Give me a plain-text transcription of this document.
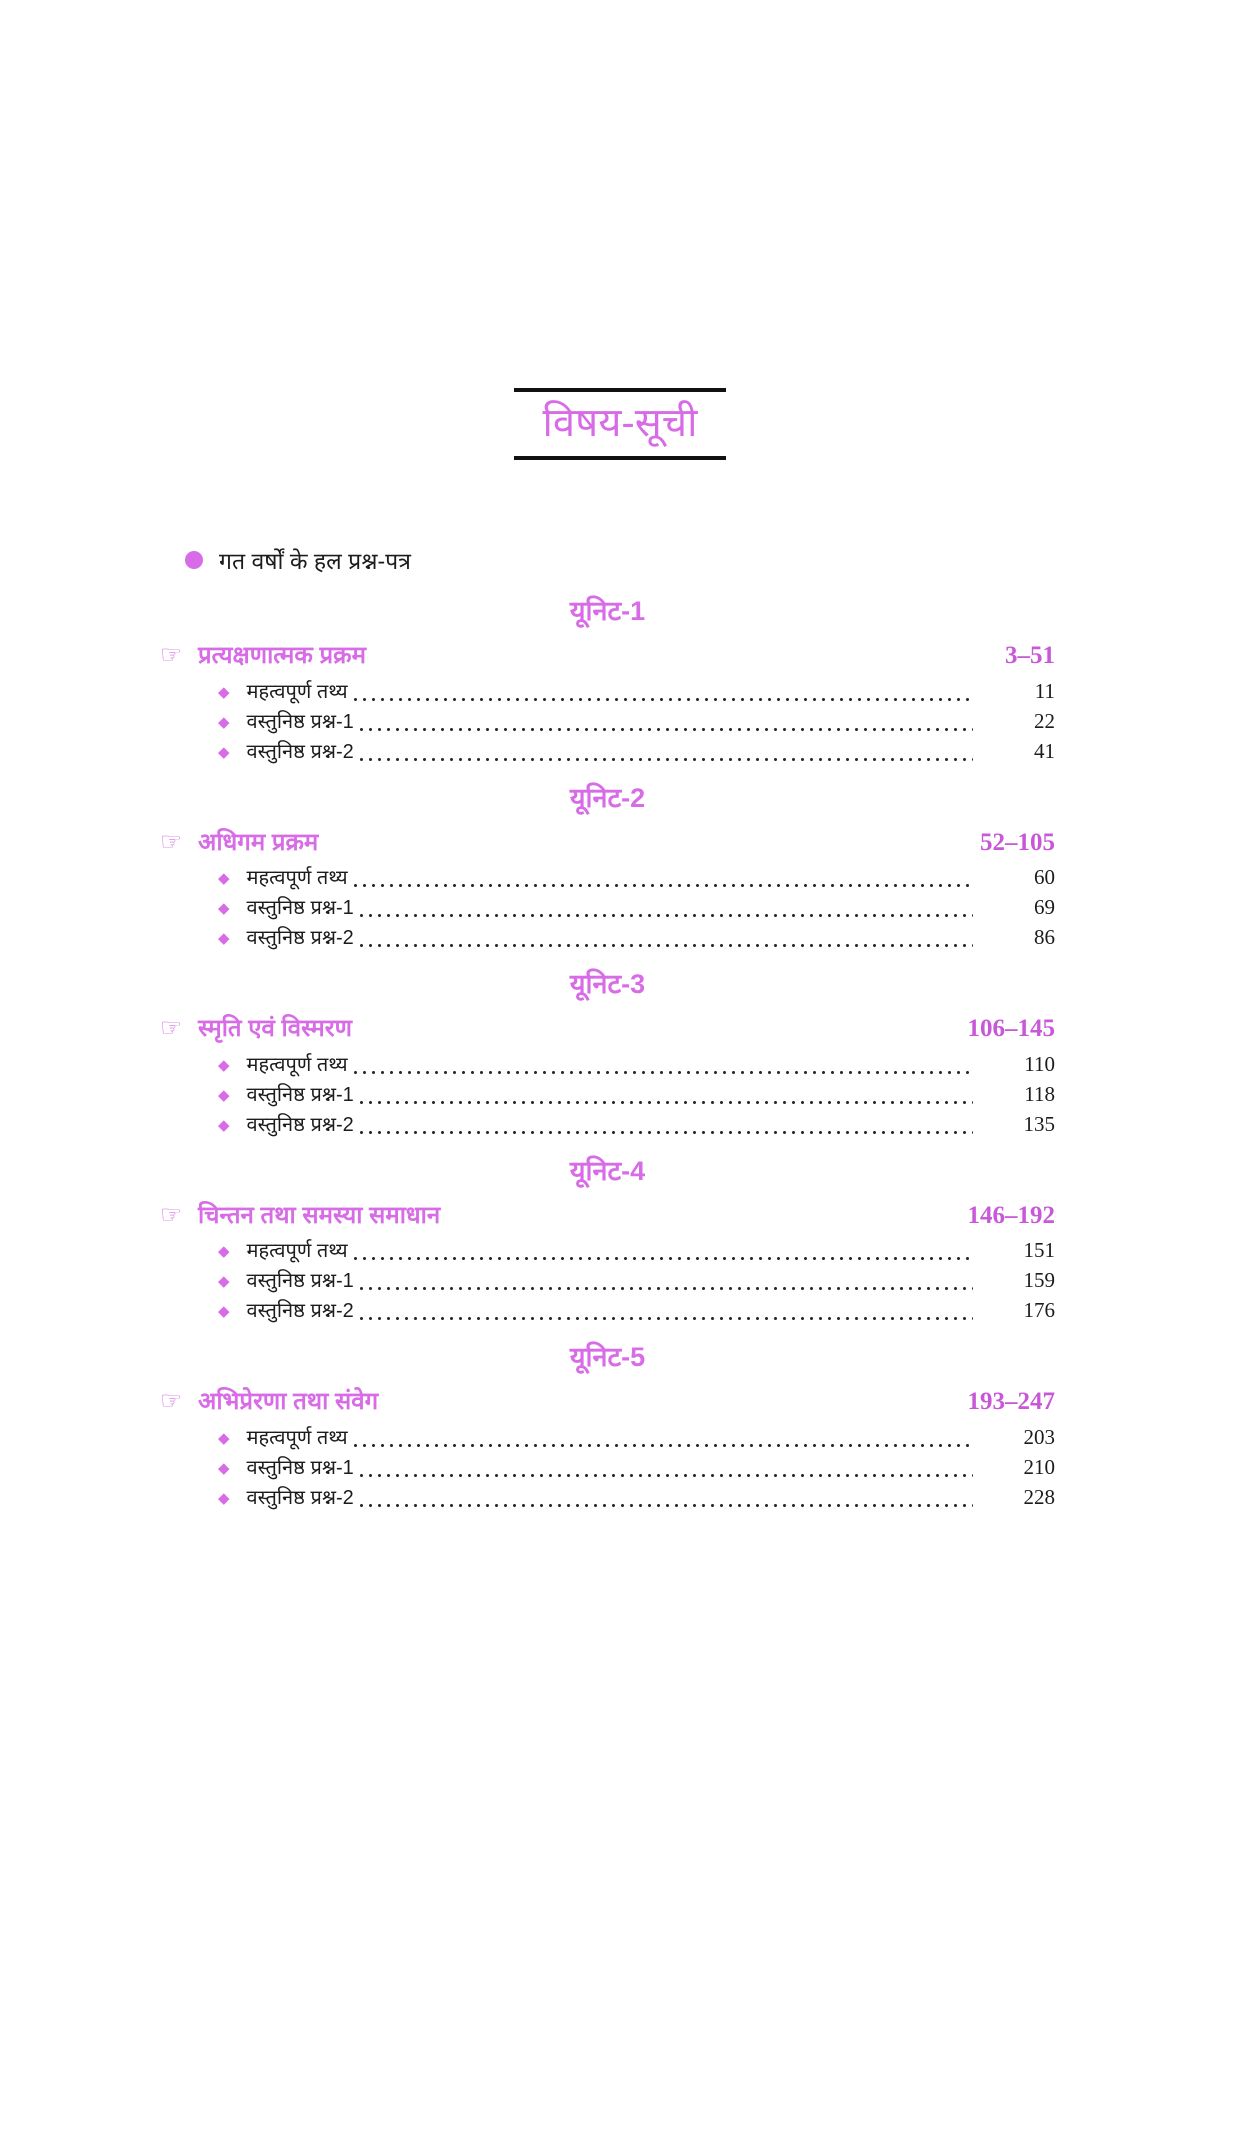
विषय-सूची
गत वर्षों के हल प्रश्न-पत्र
यूनिट-1
☞ प्रत्यक्षणात्मक प्रक्रम	3–51
◆ महत्वपूर्ण तथ्य	11
◆ वस्तुनिष्ठ प्रश्न-1	22
◆ वस्तुनिष्ठ प्रश्न-2	41
यूनिट-2
☞ अधिगम प्रक्रम	52–105
◆ महत्वपूर्ण तथ्य	60
◆ वस्तुनिष्ठ प्रश्न-1	69
◆ वस्तुनिष्ठ प्रश्न-2	86
यूनिट-3
☞ स्मृति एवं विस्मरण	106–145
◆ महत्वपूर्ण तथ्य	110
◆ वस्तुनिष्ठ प्रश्न-1	118
◆ वस्तुनिष्ठ प्रश्न-2	135
यूनिट-4
☞ चिन्तन तथा समस्या समाधान	146–192
◆ महत्वपूर्ण तथ्य	151
◆ वस्तुनिष्ठ प्रश्न-1	159
◆ वस्तुनिष्ठ प्रश्न-2	176
यूनिट-5
☞ अभिप्रेरणा तथा संवेग	193–247
◆ महत्वपूर्ण तथ्य	203
◆ वस्तुनिष्ठ प्रश्न-1	210
◆ वस्तुनिष्ठ प्रश्न-2	228
